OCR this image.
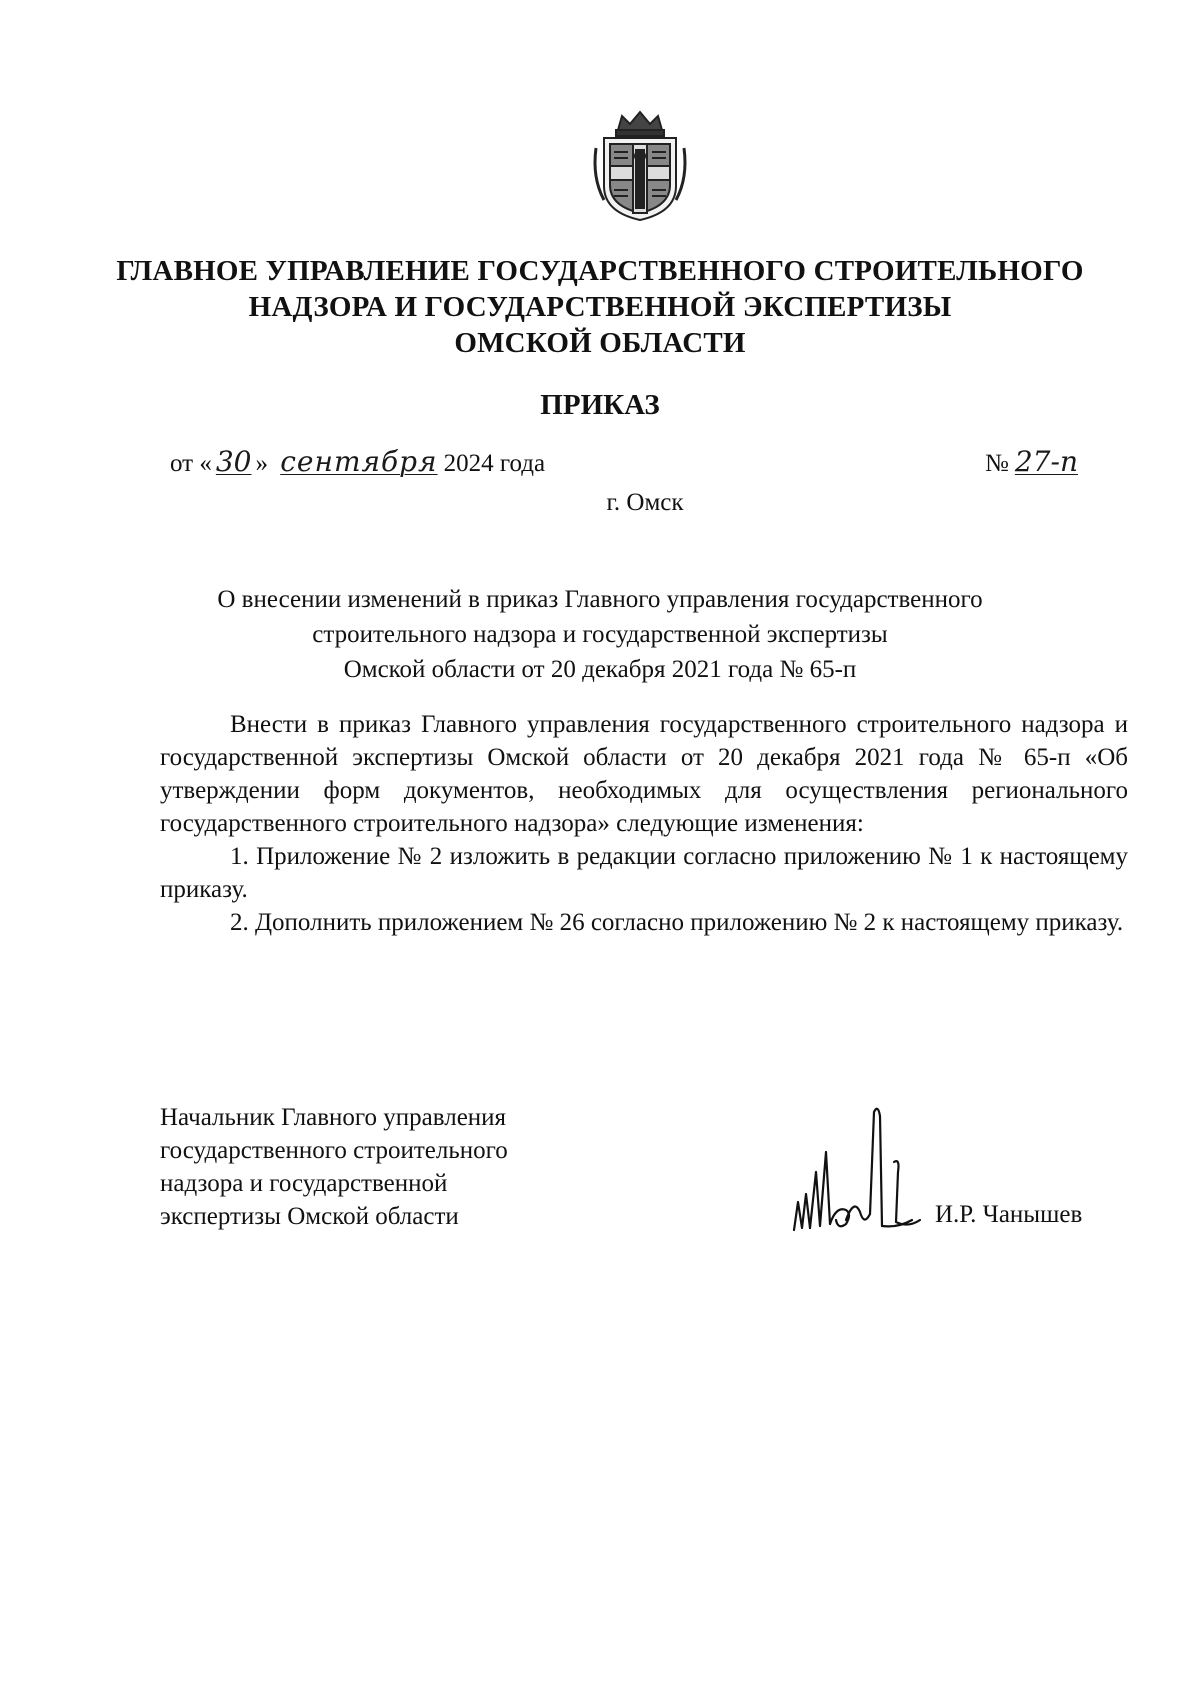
ГЛАВНОЕ УПРАВЛЕНИЕ ГОСУДАРСТВЕННОГО СТРОИТЕЛЬНОГО
НАДЗОРА И ГОСУДАРСТВЕННОЙ ЭКСПЕРТИЗЫ
ОМСКОЙ ОБЛАСТИ
ПРИКАЗ
от « 30 » сентября 2024 года	№ 27-п
г. Омск
О внесении изменений в приказ Главного управления государственного
строительного надзора и государственной экспертизы
Омской области от 20 декабря 2021 года № 65-п

Внести в приказ Главного управления государственного строительного надзора и государственной экспертизы Омской области от 20 декабря 2021 года № 65-п «Об утверждении форм документов, необходимых для осуществления регионального государственного строительного надзора» следующие изменения:

1. Приложение № 2 изложить в редакции согласно приложению № 1 к настоящему приказу.

2. Дополнить приложением № 26 согласно приложению № 2 к настоящему приказу.

Начальник Главного управления
государственного строительного
надзора и государственной
экспертизы Омской области	И.Р. Чанышев
